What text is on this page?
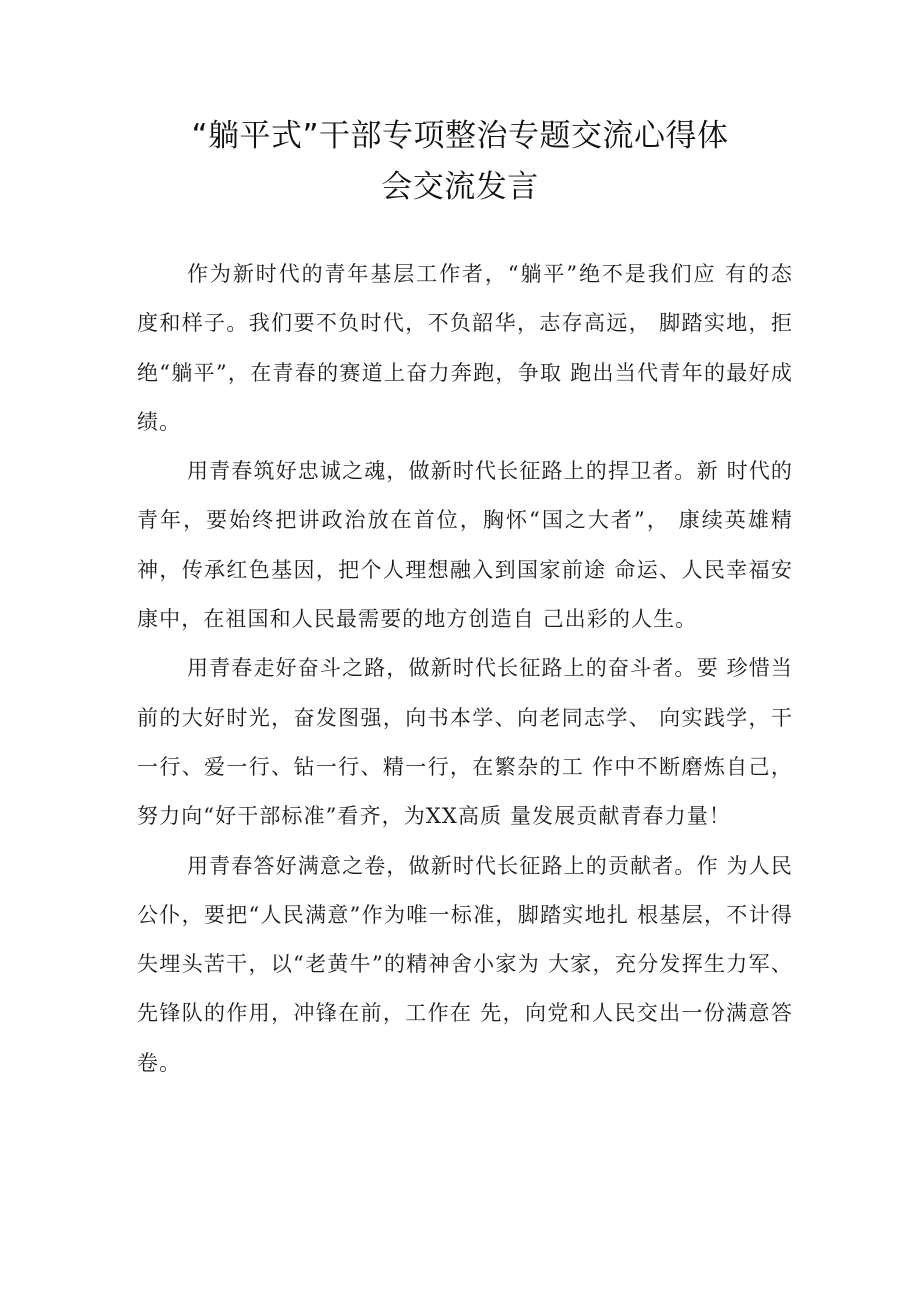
“躺平式”干部专项整治专题交流心得体
会交流发言

作为新时代的青年基层工作者，“躺平”绝不是我们应 有的态度和样子。我们要不负时代，不负韶华，志存高远， 脚踏实地，拒绝“躺平”，在青春的赛道上奋力奔跑，争取 跑出当代青年的最好成绩。

用青春筑好忠诚之魂，做新时代长征路上的捍卫者。新 时代的青年，要始终把讲政治放在首位，胸怀“国之大者”， 康续英雄精神，传承红色基因，把个人理想融入到国家前途 命运、人民幸福安康中，在祖国和人民最需要的地方创造自 己出彩的人生。

用青春走好奋斗之路，做新时代长征路上的奋斗者。要 珍惜当前的大好时光，奋发图强，向书本学、向老同志学、 向实践学，干一行、爱一行、钻一行、精一行，在繁杂的工 作中不断磨炼自己，努力向“好干部标准”看齐，为XX高质 量发展贡献青春力量！

用青春答好满意之卷，做新时代长征路上的贡献者。作 为人民公仆，要把“人民满意”作为唯一标准，脚踏实地扎 根基层，不计得失埋头苦干，以“老黄牛”的精神舍小家为 大家，充分发挥生力军、先锋队的作用，冲锋在前，工作在 先，向党和人民交出一份满意答卷。
